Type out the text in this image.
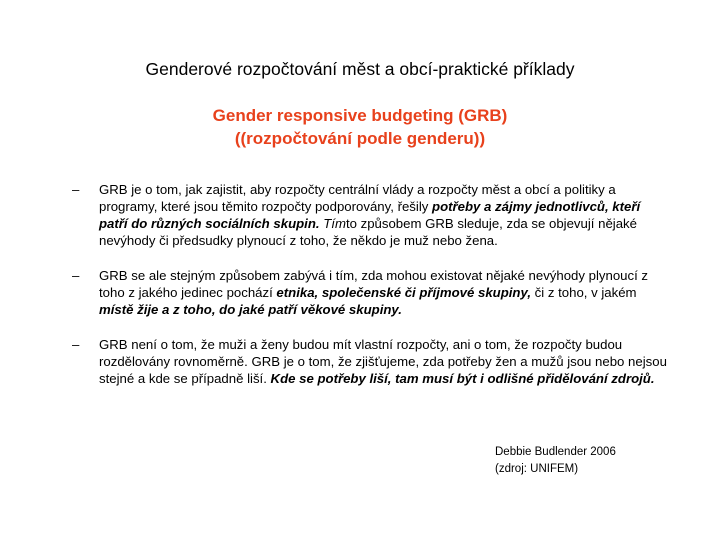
Genderové rozpočtování měst a obcí-praktické příklady
Gender responsive budgeting (GRB)
((rozpočtování podle genderu))
– GRB je o tom, jak zajistit, aby rozpočty centrální vlády a rozpočty měst a obcí a politiky a programy, které jsou těmito rozpočty podporovány, řešily potřeby a zájmy jednotlivců, kteří patří do různých sociálních skupin. Tímto způsobem GRB sleduje, zda se objevují nějaké nevýhody či předsudky plynoucí z toho, že někdo je muž nebo žena.
– GRB se ale stejným způsobem zabývá i tím, zda mohou existovat nějaké nevýhody plynoucí z toho z jakého jedinec pochází etnika, společenské či příjmové skupiny, či z toho, v jakém místě žije a z toho, do jaké patří věkové skupiny.
– GRB není o tom, že muži a ženy budou mít vlastní rozpočty, ani o tom, že rozpočty budou rozdělovány rovnoměrně. GRB je o tom, že zjišťujeme, zda potřeby žen a mužů jsou nebo nejsou stejné a kde se případně liší. Kde se potřeby liší, tam musí být i odlišné přidělování zdrojů.
Debbie Budlender 2006
(zdroj: UNIFEM)
